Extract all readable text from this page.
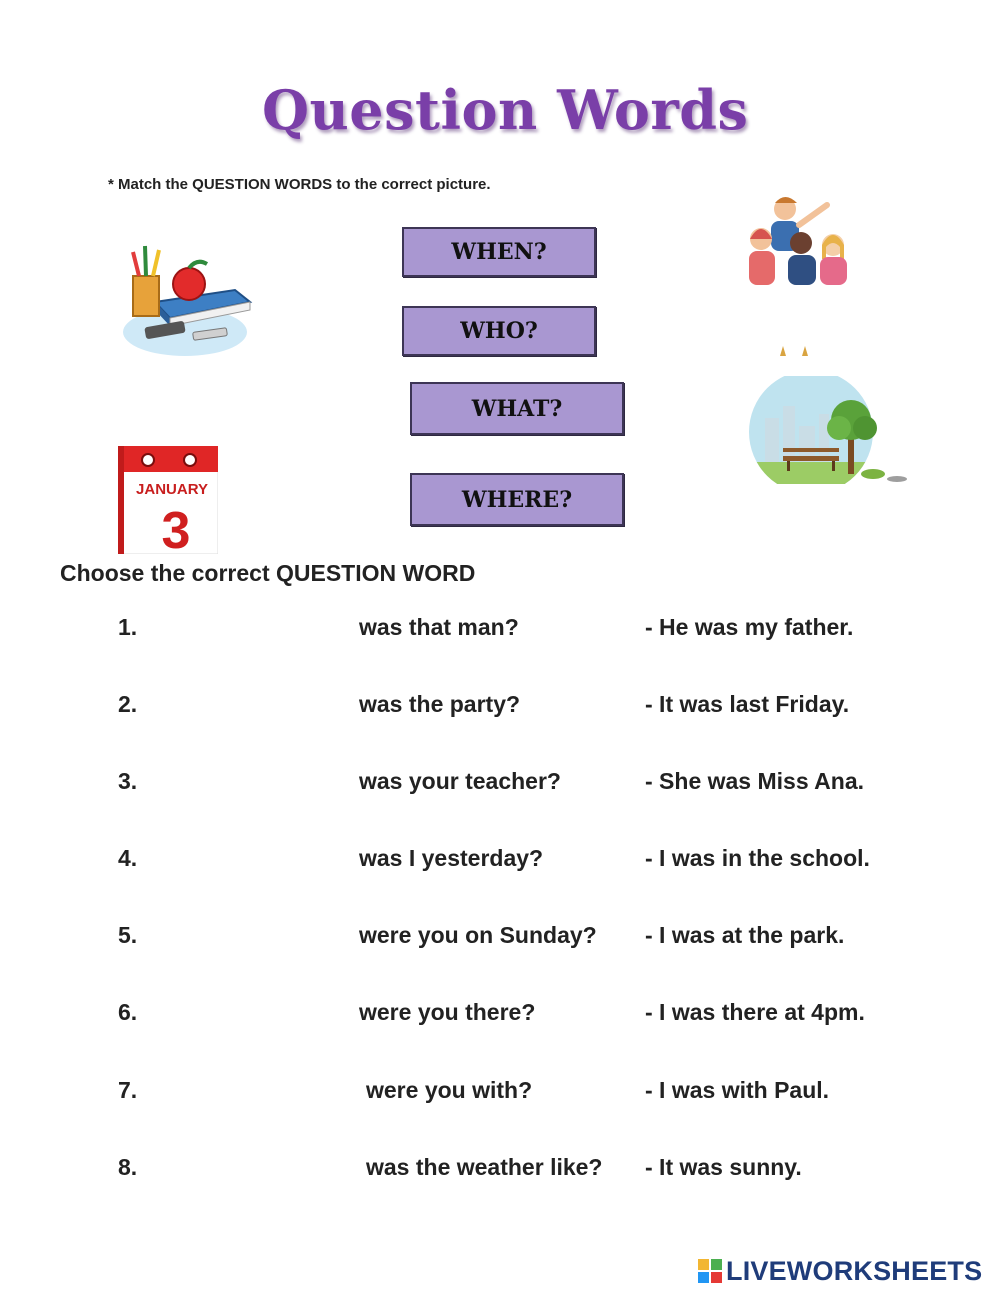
Question Words
* Match the QUESTION WORDS to the correct picture.
JANUARY
3
WHEN?
WHO?
WHAT?
WHERE?
Choose the correct QUESTION WORD
1.	was that man?	- He was my father.
2.	was the party?	- It was last Friday.
3.	was your teacher?	- She was Miss Ana.
4.	was I yesterday?	- I was in the school.
5.	were you on Sunday? - I was at the park.
6.	were you there?	- I was there at 4pm.
7.	were you with?	- I was with Paul.
8.	was the weather like? - It was sunny.
LIVEWORKSHEETS
